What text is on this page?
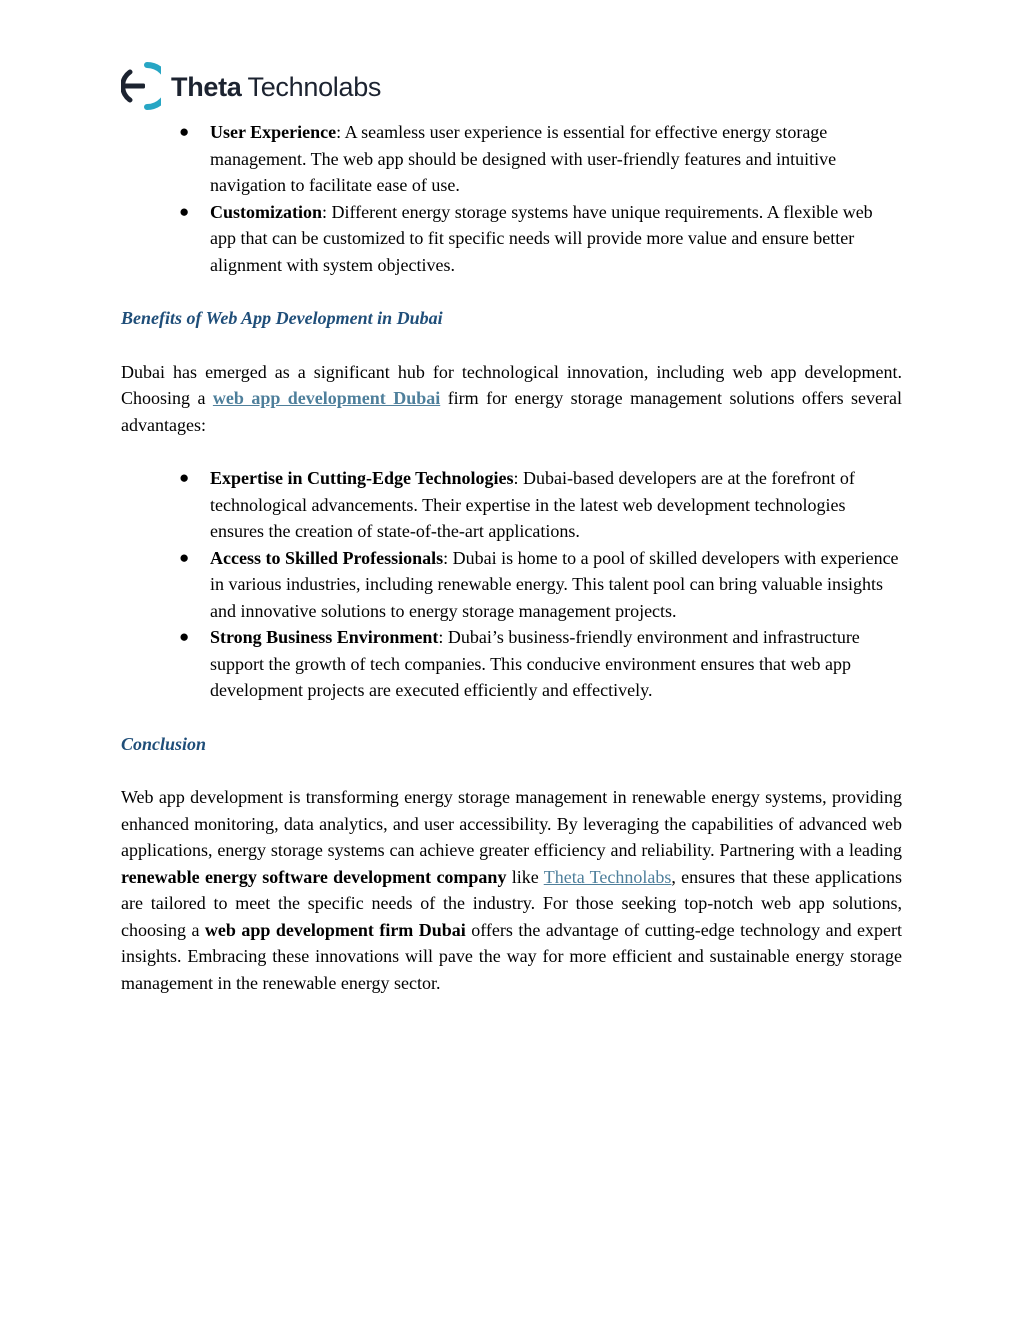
Theta Technolabs
● User Experience: A seamless user experience is essential for effective energy storage management. The web app should be designed with user-friendly features and intuitive navigation to facilitate ease of use.
● Customization: Different energy storage systems have unique requirements. A flexible web app that can be customized to fit specific needs will provide more value and ensure better alignment with system objectives.
Benefits of Web App Development in Dubai

Dubai has emerged as a significant hub for technological innovation, including web app development. Choosing a web app development Dubai firm for energy storage management solutions offers several advantages:

● Expertise in Cutting-Edge Technologies: Dubai-based developers are at the forefront of technological advancements. Their expertise in the latest web development technologies ensures the creation of state-of-the-art applications.
● Access to Skilled Professionals: Dubai is home to a pool of skilled developers with experience in various industries, including renewable energy. This talent pool can bring valuable insights and innovative solutions to energy storage management projects.
● Strong Business Environment: Dubai’s business-friendly environment and infrastructure support the growth of tech companies. This conducive environment ensures that web app development projects are executed efficiently and effectively.
Conclusion

Web app development is transforming energy storage management in renewable energy systems, providing enhanced monitoring, data analytics, and user accessibility. By leveraging the capabilities of advanced web applications, energy storage systems can achieve greater efficiency and reliability. Partnering with a leading renewable energy software development company like Theta Technolabs, ensures that these applications are tailored to meet the specific needs of the industry. For those seeking top-notch web app solutions, choosing a web app development firm Dubai offers the advantage of cutting-edge technology and expert insights. Embracing these innovations will pave the way for more efficient and sustainable energy storage management in the renewable energy sector.
